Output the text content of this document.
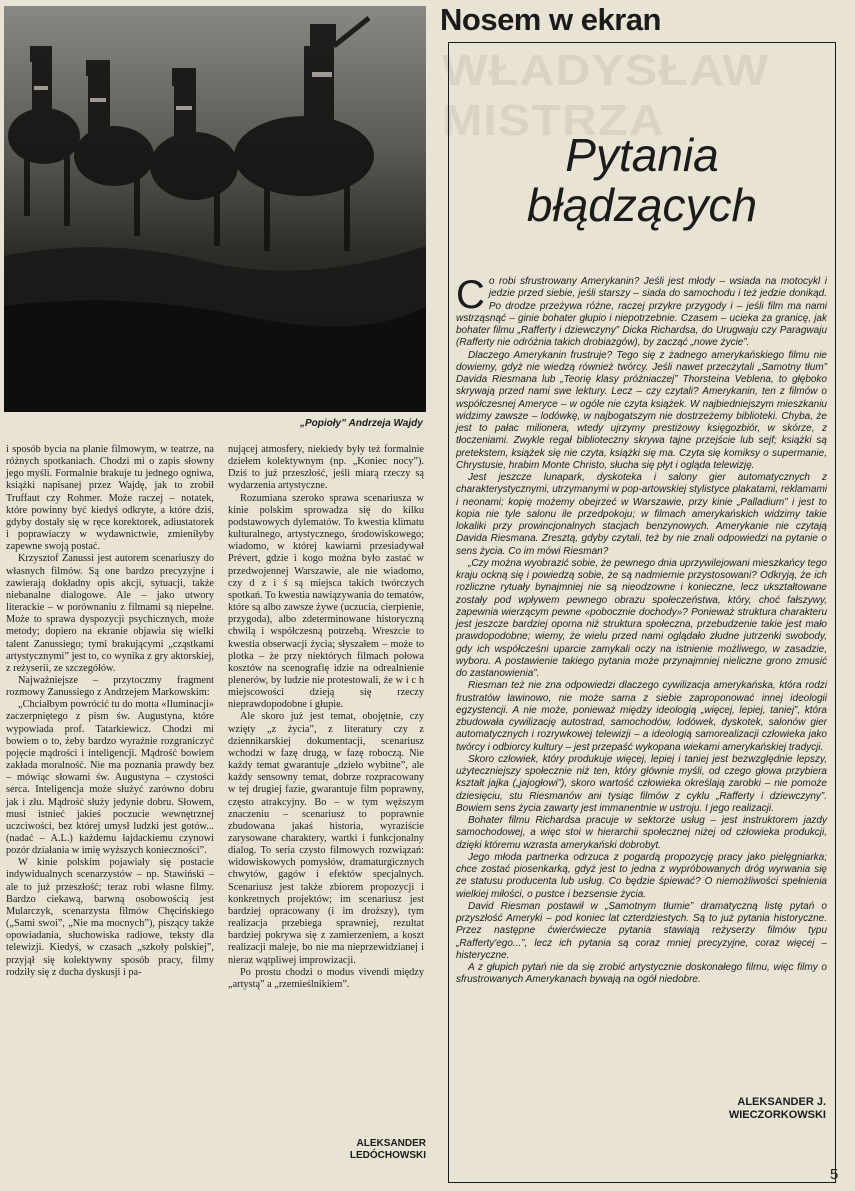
„Popioły” Andrzeja Wajdy

i sposób bycia na planie filmowym, w teatrze, na różnych spotkaniach. Chodzi mi o zapis słowny jego myśli. Formalnie brakuje tu jednego ogniwa, książki napisanej przez Wajdę, jak to zrobił Truffaut czy Rohmer. Może raczej – notatek, które powinny być kiedyś odkryte, a które dziś, gdyby dostały się w ręce korektorek, adiustatorek i poprawiaczy w wydawnictwie, zmieniłyby zapewne swoją postać.

Krzysztof Zanussi jest autorem scenariuszy do własnych filmów. Są one bardzo precyzyjne i zawierają dokładny opis akcji, sytuacji, także niebanalne dialogowe. Ale – jako utwory literackie – w porównaniu z filmami są niepełne. Może to sprawa dyspozycji psychicznych, może metody; dopiero na ekranie objawia się wielki talent Zanussiego; tymi brakującymi „cząstkami artystycznymi” jest to, co wynika z gry aktorskiej, z reżyserii, ze szczegółów.

Najważniejsze – przytoczmy fragment rozmowy Zanussiego z Andrzejem Markowskim:

„Chciałbym powrócić tu do motta «Iluminacji» zaczerpniętego z pism św. Augustyna, które wypowiada prof. Tatarkiewicz. Chodzi mi bowiem o to, żeby bardzo wyraźnie rozgraniczyć pojęcie mądrości i inteligencji. Mądrość bowiem zakłada moralność. Nie ma poznania prawdy bez – mówiąc słowami św. Augustyna – czystości serca. Inteligencja może służyć zarówno dobru jak i złu. Mądrość służy jedynie dobru. Słowem, musi istnieć jakieś poczucie wewnętrznej uczciwości, bez której umysł ludzki jest gotów... (nadać – A.L.) każdemu łajdackiemu czynowi pozór działania w imię wyższych konieczności”.

W kinie polskim pojawiały się postacie indywidualnych scenarzystów – np. Stawiński – ale to już przeszłość; teraz robi własne filmy. Bardzo ciekawą, barwną osobowością jest Mularczyk, scenarzysta filmów Chęcińskiego („Sami swoi”, „Nie ma mocnych”), piszący także opowiadania, słuchowiska radiowe, teksty dla telewizji. Kiedyś, w czasach „szkoły polskiej”, przyjął się kolektywny sposób pracy, filmy rodziły się z ducha dyskusji i pa-

nującej atmosfery, niekiedy były też formalnie dziełem kolektywnym (np. „Koniec nocy”). Dziś to już przeszłość, jeśli miarą rzeczy są wydarzenia artystyczne.

Rozumiana szeroko sprawa scenariusza w kinie polskim sprowadza się do kilku podstawowych dylematów. To kwestia klimatu kulturalnego, artystycznego, środowiskowego; wiadomo, w której kawiarni przesiadywał Prévert, gdzie i kogo można było zastać w przedwojennej Warszawie, ale nie wiadomo, czy d z i ś są miejsca takich twórczych spotkań. To kwestia nawiązywania do tematów, które są albo zawsze żywe (uczucia, cierpienie, przygoda), albo zdeterminowane historyczną chwilą i współczesną potrzebą. Wreszcie to kwestia obserwacji życia; słyszałem – może to plotka – że przy niektórych filmach połowa kosztów na scenografię idzie na odrealnienie plenerów, by ludzie nie protestowali, że w i c h miejscowości dzieją się rzeczy nieprawdopodobne i głupie.

Ale skoro już jest temat, obojętnie, czy wzięty „z życia”, z literatury czy z dziennikarskiej dokumentacji, scenariusz wchodzi w fazę drugą, w fazę roboczą. Nie każdy temat gwarantuje „dzieło wybitne”, ale każdy sensowny temat, dobrze rozpracowany w tej drugiej fazie, gwarantuje film poprawny, często atrakcyjny. Bo – w tym węższym znaczeniu – scenariusz to poprawnie zbudowana jakaś historia, wyraziście zarysowane charaktery, wartki i funkcjonalny dialog. To seria czysto filmowych rozwiązań: widowiskowych pomysłów, dramaturgicznych chwytów, gagów i efektów specjalnych. Scenariusz jest także zbiorem propozycji i konkretnych projektów; im scenariusz jest bardziej opracowany (i im droższy), tym realizacja przebiega sprawniej, rezultat bardziej pokrywa się z zamierzeniem, a koszt realizacji maleje, bo nie ma nieprzewidzianej i nieraz wątpliwej improwizacji.

Po prostu chodzi o modus vivendi między „artystą” a „rzemieślnikiem”.

ALEKSANDER
LEDÓCHOWSKI
WŁADYSŁAW MISTRZA
Nosem w ekran
Pytania
błądzących

Co robi sfrustrowany Amerykanin? Jeśli jest młody – wsiada na motocykl i jedzie przed siebie, jeśli starszy – siada do samochodu i też jedzie donikąd. Po drodze przeżywa różne, raczej przykre przygody i – jeśli film ma nami wstrząsnąć – ginie bohater głupio i niepotrzebnie. Czasem – ucieka za granicę, jak bohater filmu „Rafferty i dziewczyny” Dicka Richardsa, do Urugwaju czy Paragwaju (Rafferty nie odróżnia takich drobiazgów), by zacząć „nowe życie”.

Dlaczego Amerykanin frustruje? Tego się z żadnego amerykańskiego filmu nie dowiemy, gdyż nie wiedzą również twórcy. Jeśli nawet przeczytali „Samotny tłum” Davida Riesmana lub „Teorię klasy próżniaczej” Thorsteina Veblena, to głęboko skrywają przed nami swe lektury. Lecz – czy czytali? Amerykanin, ten z filmów o współczesnej Ameryce – w ogóle nie czyta książek. W najbiedniejszym mieszkaniu widzimy zawsze – lodówkę, w najbogatszym nie dostrzeżemy biblioteki. Chyba, że jest to pałac milionera, wtedy ujrzymy prestiżowy księgozbiór, w skórze, z tłoczeniami. Zwykle regał biblioteczny skrywa tajne przejście lub sejf; książki są pretekstem, książek się nie czyta, książki się ma. Czyta się komiksy o supermanie, Chrystusie, hrabim Monte Christo, słucha się płyt i ogląda telewizję.

Jest jeszcze lunapark, dyskoteka i salony gier automatycznych z charakterystycznymi, utrzymanymi w pop-artowskiej stylistyce plakatami, reklamami i neonami; kopię możemy obejrzeć w Warszawie, przy kinie „Palladium” i jest to kopia nie tyle salonu ile przedpokoju; w filmach amerykańskich widzimy takie lokaliki przy prowincjonalnych stacjach benzynowych. Amerykanie nie czytają Davida Riesmana. Zresztą, gdyby czytali, też by nie znali odpowiedzi na pytanie o sens życia. Co im mówi Riesman?

„Czy można wyobrazić sobie, że pewnego dnia uprzywilejowani mieszkańcy tego kraju ockną się i powiedzą sobie, że są nadmiernie przystosowani? Odkryją, że ich rozliczne rytuały bynajmniej nie są nieodzowne i konieczne, lecz ukształtowane zostały pod wpływem pewnego obrazu społeczeństwa, który, choć fałszywy, zapewnia wierzącym pewne «pobocznie dochody»? Ponieważ struktura charakteru jest jeszcze bardziej oporna niż struktura społeczna, przebudzenie takie jest mało prawdopodobne; wiemy, że wielu przed nami oglądało złudne jutrzenki swobody, gdy ich współcześni uparcie zamykali oczy na istnienie możliwego, w zasadzie, wyboru. A postawienie takiego pytania może przynajmniej nieliczne grono zmusić do zastanowienia”.

Riesman też nie zna odpowiedzi dlaczego cywilizacja amerykańska, która rodzi frustratów lawinowo, nie może sama z siebie zaproponować innej ideologii egzystencji. A nie może, ponieważ między ideologią „więcej, lepiej, taniej”, która zbudowała cywilizację autostrad, samochodów, lodówek, dyskotek, salonów gier automatycznych i rozrywkowej telewizji – a ideologią samorealizacji człowieka jako twórcy i odbiorcy kultury – jest przepaść wykopana wiekami amerykańskiej tradycji.

Skoro człowiek, który produkuje więcej, lepiej i taniej jest bezwzględnie lepszy, użyteczniejszy społecznie niż ten, który głównie myśli, od czego głowa przybiera kształt jajka („jajogłowi”), skoro wartość człowieka określają zarobki – nie pomoże dziesięciu, stu Riesmanów ani tysiąc filmów z cyklu „Rafferty i dziewczyny”. Bowiem sens życia zawarty jest immanentnie w ustroju. I jego realizacji.

Bohater filmu Richardsa pracuje w sektorze usług – jest instruktorem jazdy samochodowej, a więc stoi w hierarchii społecznej niżej od człowieka produkcji, dzięki któremu wzrasta amerykański dobrobyt.

Jego młoda partnerka odrzuca z pogardą propozycję pracy jako pielęgniarka; chce zostać piosenkarką, gdyż jest to jedna z wypróbowanych dróg wyrwania się ze statusu producenta lub usług. Co będzie śpiewać? O niemożliwości spełnienia wielkiej miłości, o pustce i bezsensie życia.

David Riesman postawił w „Samotnym tłumie” dramatyczną listę pytań o przyszłość Ameryki – pod koniec lat czterdziestych. Są to już pytania historyczne. Przez następne ćwierćwiecze pytania stawiają reżyserzy filmów typu „Rafferty'ego...”, lecz ich pytania są coraz mniej precyzyjne, coraz więcej – histeryczne.

A z głupich pytań nie da się zrobić artystycznie doskonałego filmu, więc filmy o sfrustrowanych Amerykanach bywają na ogół niedobre.

ALEKSANDER J.
WIECZORKOWSKI
5
